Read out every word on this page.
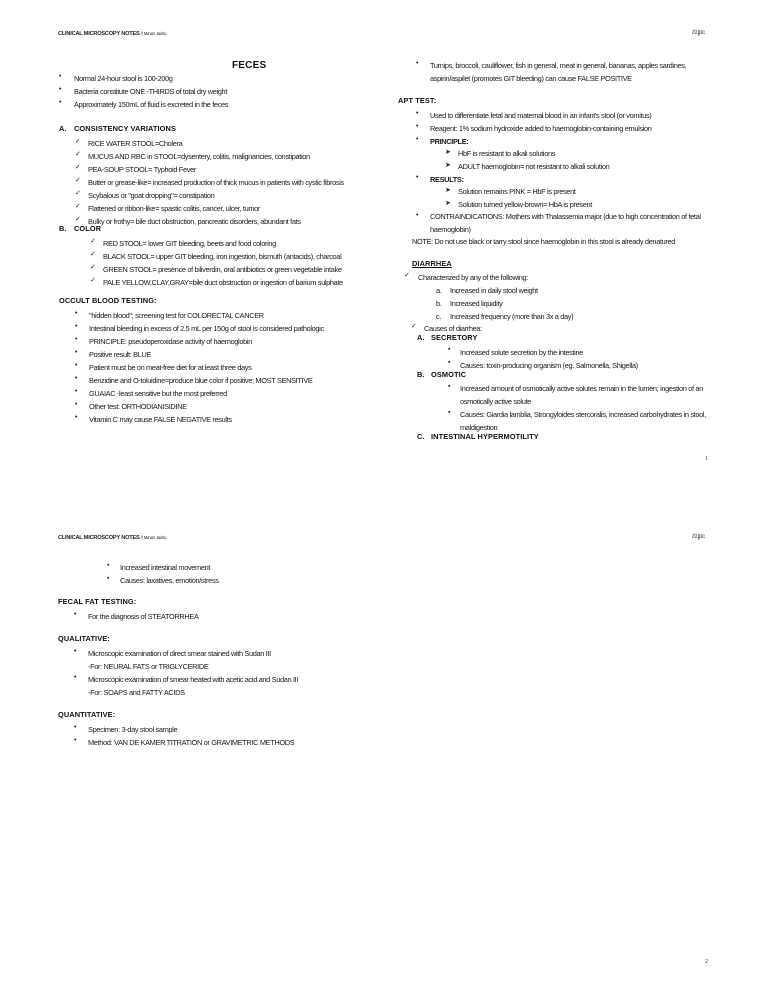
CLINICAL MICROSCOPY NOTES // Ma'am Jadso	//zjpc
FECES
• Normal 24-hour stool is 100-200g
• Bacteria constitute ONE -THIRDS of total dry weight
• Approximately 150mL of fluid is excreted in the feces
A. CONSISTENCY VARIATIONS
✓ RICE WATER STOOL=Cholera
✓ MUCUS AND RBC in STOOL=dysentery, colitis, malignancies, constipation
✓ PEA-SOUP STOOL= Typhoid Fever
✓ Butter or grease-like= increased production of thick mucus in patients with cystic fibrosis
✓ Scybalous or "goat dropping"= constipation
✓ Flattened or ribbon-like= spastic colitis, cancer, ulcer, tumor
✓ Bulky or frothy= bile duct obstruction, pancreatic disorders, abundant fats
B. COLOR
✓ RED STOOL= lower GIT bleeding, beets and food coloring
✓ BLACK STOOL= upper GIT bleeding, iron ingestion, bismuth (antacids), charcoal
✓ GREEN STOOL= presence of biliverdin, oral antibiotics or green vegetable intake
✓ PALE YELLOW,CLAY,GRAY=bile duct obstruction or ingestion of barium sulphate
OCCULT BLOOD TESTING:
• "hidden blood"; screening test for COLORECTAL CANCER
• Intestinal bleeding in excess of 2.5 mL per 150g of stool is considered pathologic
• PRINCIPLE: pseudoperoxidase activity of haemoglobin
• Positive result: BLUE
• Patient must be on meat-free diet for at least three days
• Benzidine and O-toluidine=produce blue color if positive; MOST SENSITIVE
• GUAIAC -least sensitive but the most preferred
• Other test: ORTHODIANISIDINE
• Vitamin C may cause FALSE NEGATIVE results
• Turnips, broccoli, cauliflower, fish in general, meat in general, bananas, apples sardines, aspirin/aspilet (promotes GIT bleeding) can cause FALSE POSITIVE
APT TEST:
• Used to differentiate fetal and maternal blood in an infant's stool (or vomitus)
• Reagent: 1% sodium hydroxide added to haemoglobin-containing emulsion
• PRINCIPLE:
➤ HbF is resistant to alkali solutions
➤ ADULT haemoglobin= not resistant to alkali solution
• RESULTS:
➤ Solution remains PINK = HbF is present
➤ Solution turned yellow-brown= HbA is present
• CONTRAINDICATIONS: Mothers with Thalassemia major (due to high concentration of fetal haemoglobin)
NOTE: Do not use black or tarry stool since haemoglobin in this stool is already denatured
DIARRHEA
✓ Characterized by any of the following:
a. Increased in daily stool weight
b. Increased liquidity
c. Increased frequency (more than 3x a day)
✓ Causes of diarrhea:
A. SECRETORY
▪ Increased solute secretion by the intestine
▪ Causes: toxin-producing organism (eg. Salmonella, Shigella)
B. OSMOTIC
▪ Increased amount of osmotically active solutes remain in the lumen; ingestion of an osmotically active solute
▪ Causes: Giardia lamblia, Strongyloides stercoralis, increased carbohydrates in stool, maldigestion
C. INTESTINAL HYPERMOTILITY
1
CLINICAL MICROSCOPY NOTES // Ma'am Jadso	//zjpc
▪ Increased intestinal movement
▪ Causes: laxatives, emotion/stress
FECAL FAT TESTING:
• For the diagnosis of STEATORRHEA
QUALITATIVE:
• Microscopic examination of direct smear stained with Sudan III
-For: NEURAL FATS or TRIGLYCERIDE
• Microscopic examination of smear heated with acetic acid and Sudan III
-For: SOAPS and FATTY ACIDS
QUANTITATIVE:
• Specimen: 3-day stool sample
• Method: VAN DE KAMER TITRATION or GRAVIMETRIC METHODS
2
